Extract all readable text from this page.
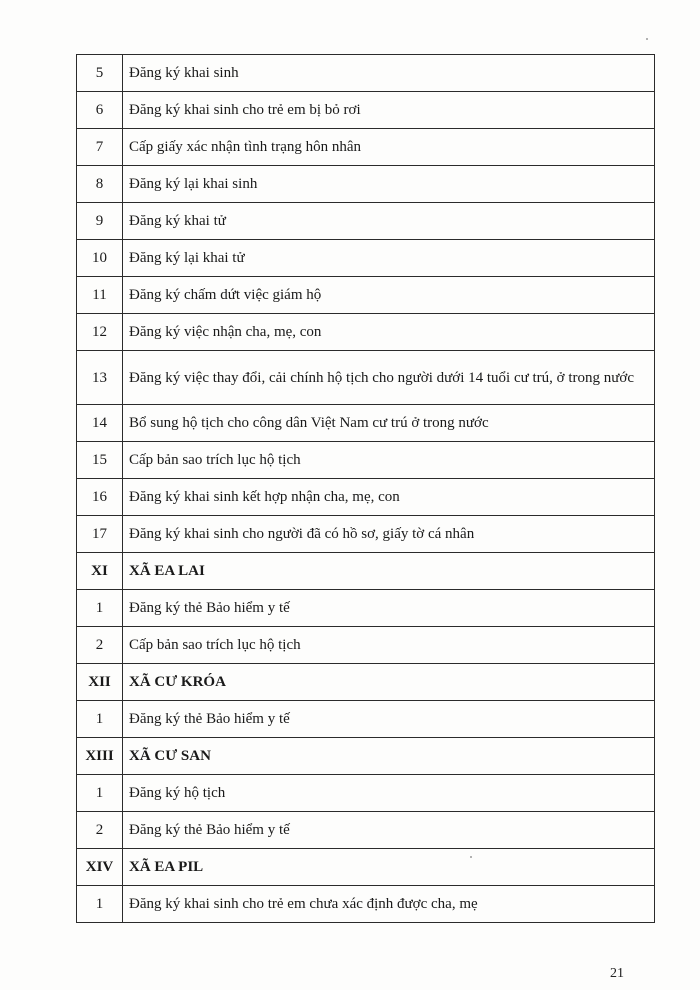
5	Đăng ký khai sinh
6	Đăng ký khai sinh cho trẻ em bị bỏ rơi
7	Cấp giấy xác nhận tình trạng hôn nhân
8	Đăng ký lại khai sinh
9	Đăng ký khai tử
10	Đăng ký lại khai tử
11	Đăng ký chấm dứt việc giám hộ
12	Đăng ký việc nhận cha, mẹ, con
13	Đăng ký việc thay đổi, cải chính hộ tịch cho người dưới 14 tuổi cư trú, ở trong nước
14	Bổ sung hộ tịch cho công dân Việt Nam cư trú ở trong nước
15	Cấp bản sao trích lục hộ tịch
16	Đăng ký khai sinh kết hợp nhận cha, mẹ, con
17	Đăng ký khai sinh cho người đã có hồ sơ, giấy tờ cá nhân
XI	XÃ EA LAI
1	Đăng ký thẻ Bảo hiểm y tế
2	Cấp bản sao trích lục hộ tịch
XII	XÃ CƯ KRÓA
1	Đăng ký thẻ Bảo hiểm y tế
XIII	XÃ CƯ SAN
1	Đăng ký hộ tịch
2	Đăng ký thẻ Bảo hiểm y tế
XIV	XÃ EA PIL
1	Đăng ký khai sinh cho trẻ em chưa xác định được cha, mẹ
21
